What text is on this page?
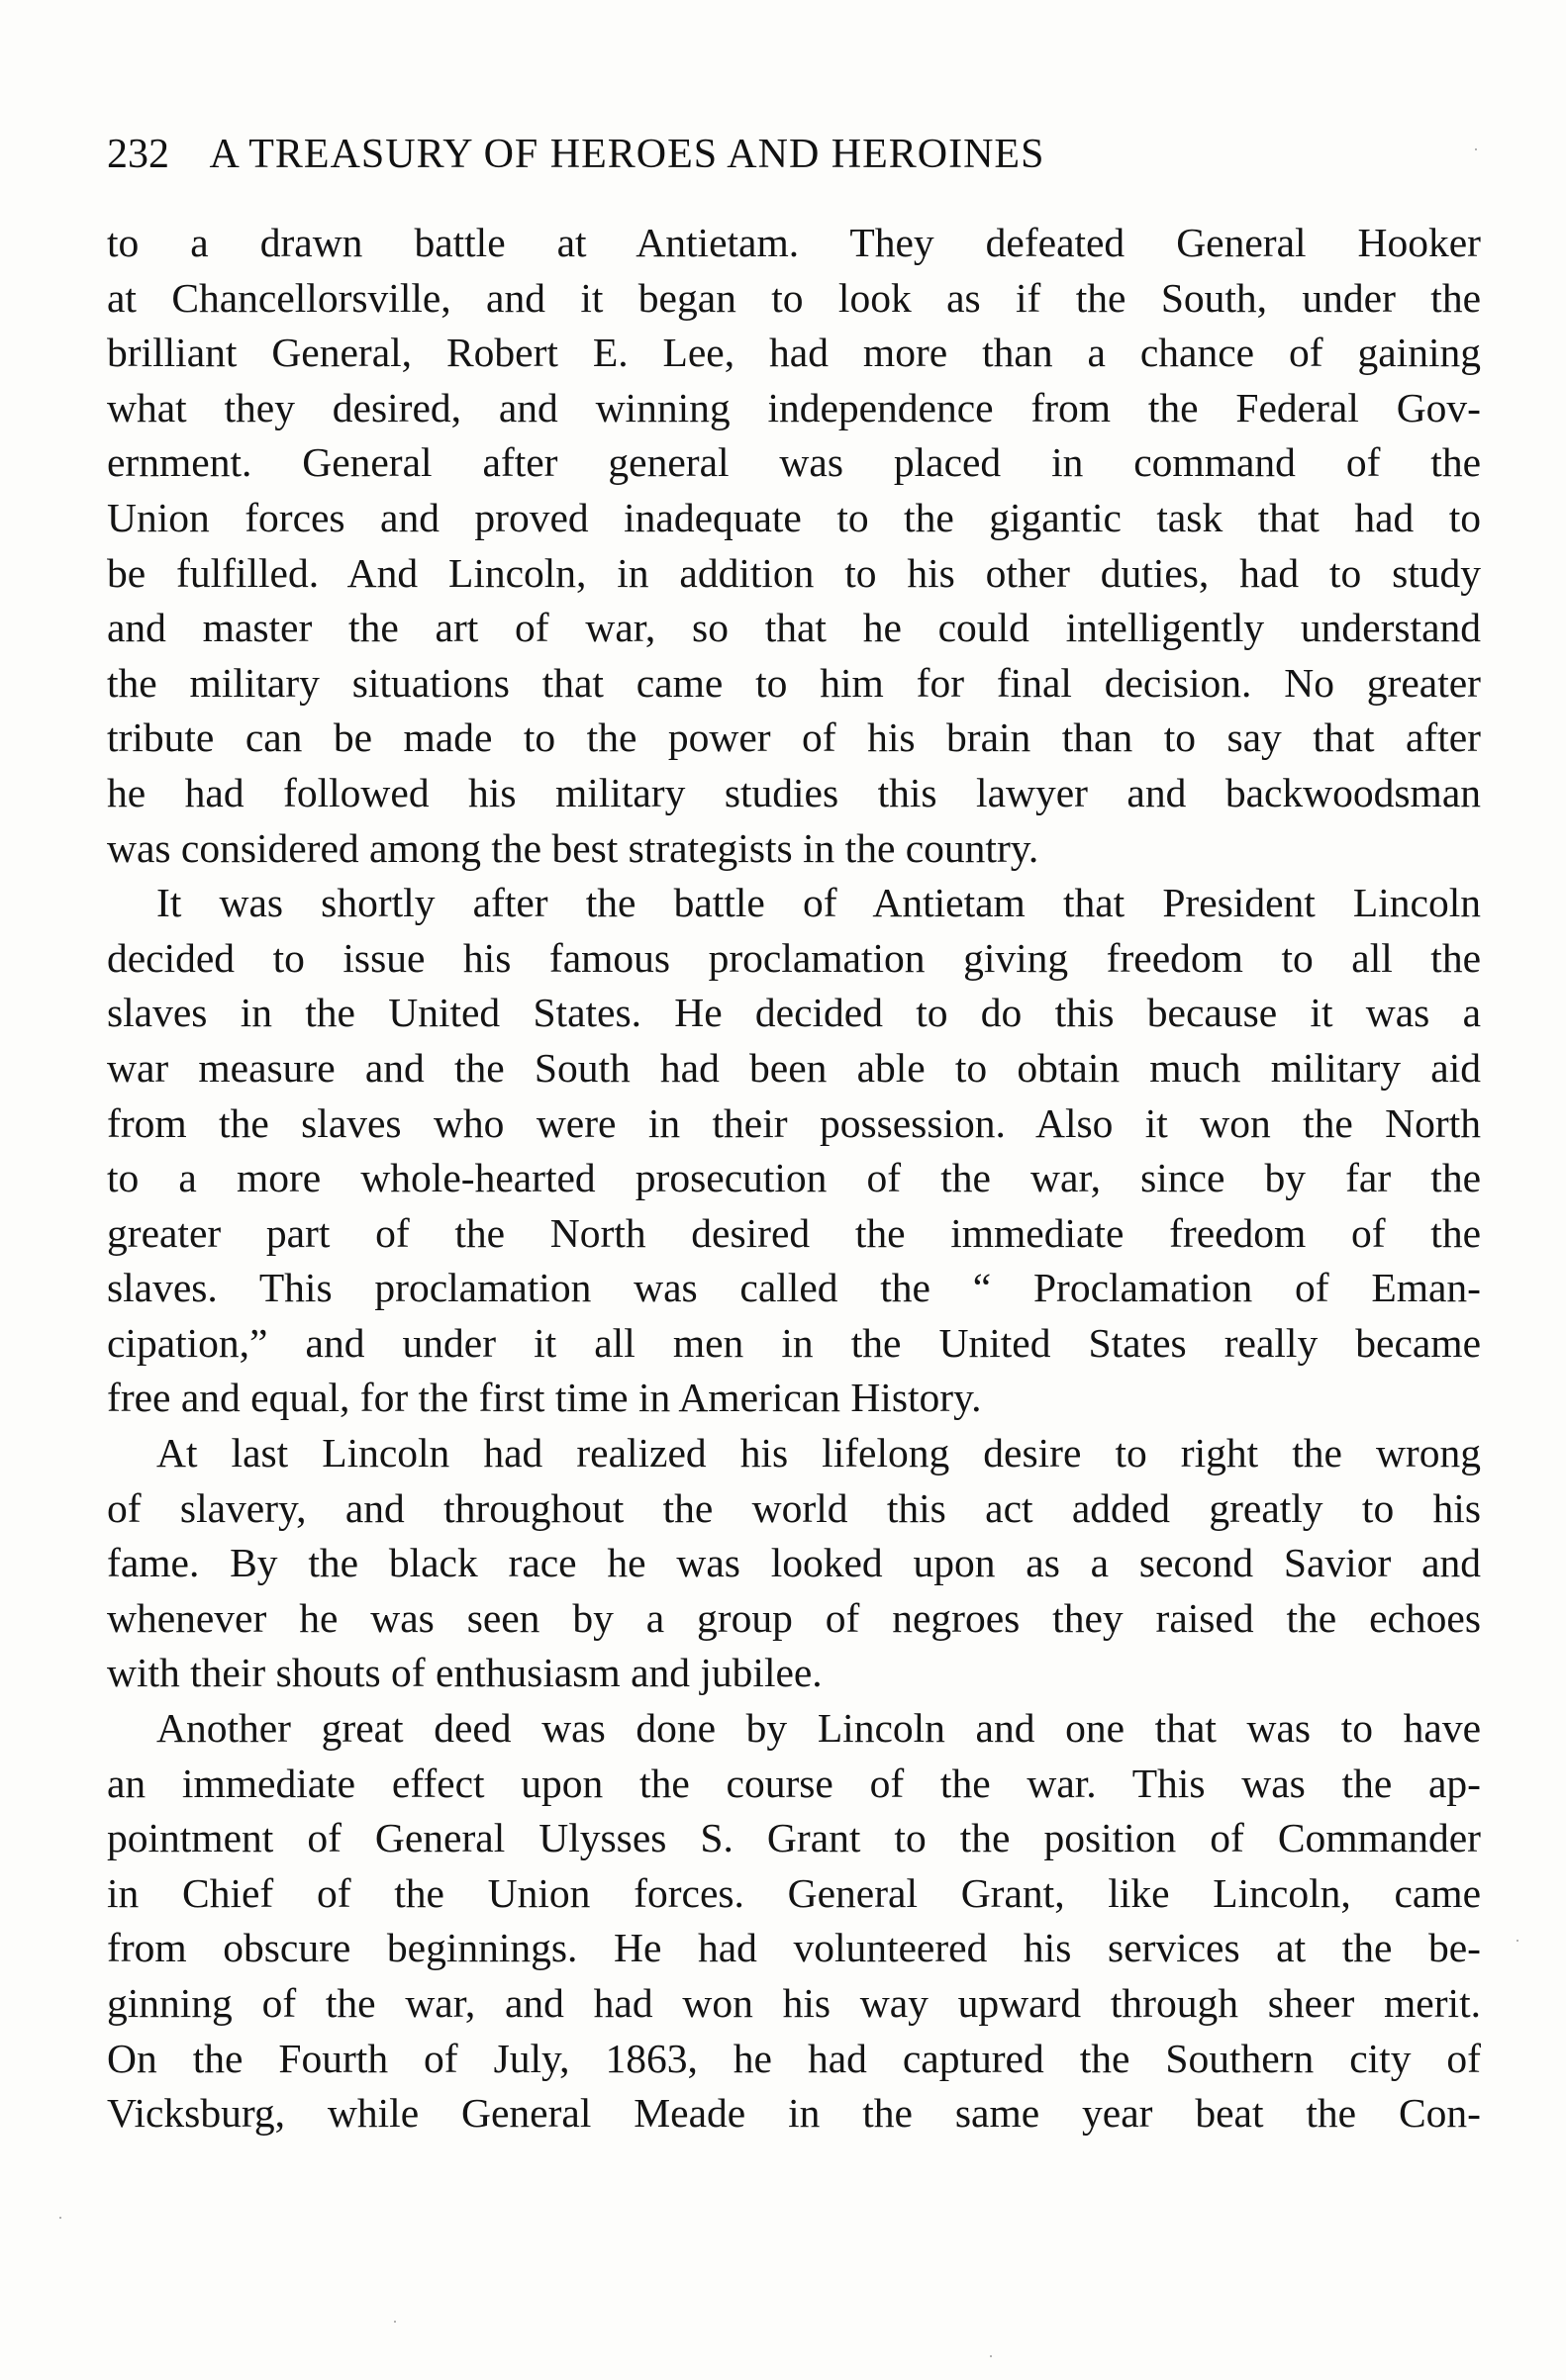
232 A TREASURY OF HEROES AND HEROINES
to a drawn battle at Antietam. They defeated General Hooker
at Chancellorsville, and it began to look as if the South, under the
brilliant General, Robert E. Lee, had more than a chance of gaining
what they desired, and winning independence from the Federal Gov-
ernment. General after general was placed in command of the
Union forces and proved inadequate to the gigantic task that had to
be fulfilled. And Lincoln, in addition to his other duties, had to study
and master the art of war, so that he could intelligently understand
the military situations that came to him for final decision. No greater
tribute can be made to the power of his brain than to say that after
he had followed his military studies this lawyer and backwoodsman
was considered among the best strategists in the country.
It was shortly after the battle of Antietam that President Lincoln
decided to issue his famous proclamation giving freedom to all the
slaves in the United States. He decided to do this because it was a
war measure and the South had been able to obtain much military aid
from the slaves who were in their possession. Also it won the North
to a more whole-hearted prosecution of the war, since by far the
greater part of the North desired the immediate freedom of the
slaves. This proclamation was called the “ Proclamation of Eman-
cipation,” and under it all men in the United States really became
free and equal, for the first time in American History.
At last Lincoln had realized his lifelong desire to right the wrong
of slavery, and throughout the world this act added greatly to his
fame. By the black race he was looked upon as a second Savior and
whenever he was seen by a group of negroes they raised the echoes
with their shouts of enthusiasm and jubilee.
Another great deed was done by Lincoln and one that was to have
an immediate effect upon the course of the war. This was the ap-
pointment of General Ulysses S. Grant to the position of Commander
in Chief of the Union forces. General Grant, like Lincoln, came
from obscure beginnings. He had volunteered his services at the be-
ginning of the war, and had won his way upward through sheer merit.
On the Fourth of July, 1863, he had captured the Southern city of
Vicksburg, while General Meade in the same year beat the Con-
